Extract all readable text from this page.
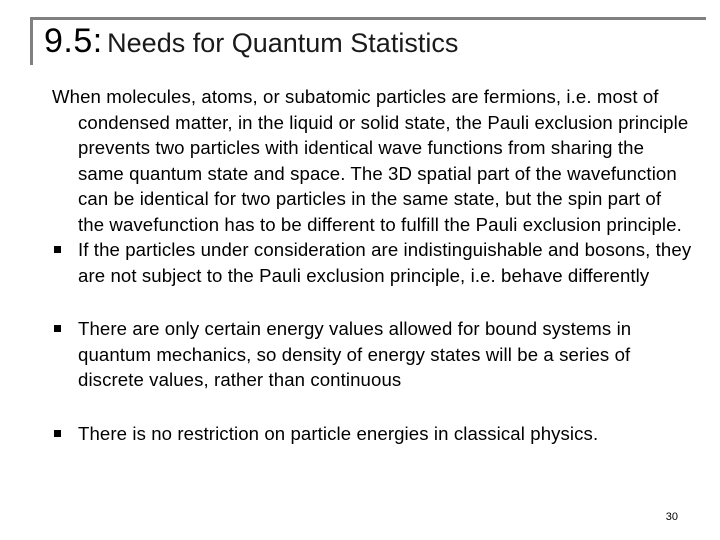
9.5: Needs for Quantum Statistics

When molecules, atoms, or subatomic particles are fermions, i.e. most of condensed matter, in the liquid or solid state, the Pauli exclusion principle prevents two particles with identical wave functions from sharing the same quantum state and space. The 3D spatial part of the wavefunction can be identical for two particles in the same state, but the spin part of the wavefunction has to be different to fulfill the Pauli exclusion principle.

If the particles under consideration are indistinguishable and bosons, they are not subject to the Pauli exclusion principle, i.e. behave differently
There are only certain energy values allowed for bound systems in quantum mechanics, so density of energy states will be a series of discrete values, rather than continuous
There is no restriction on particle energies in classical physics.
30
